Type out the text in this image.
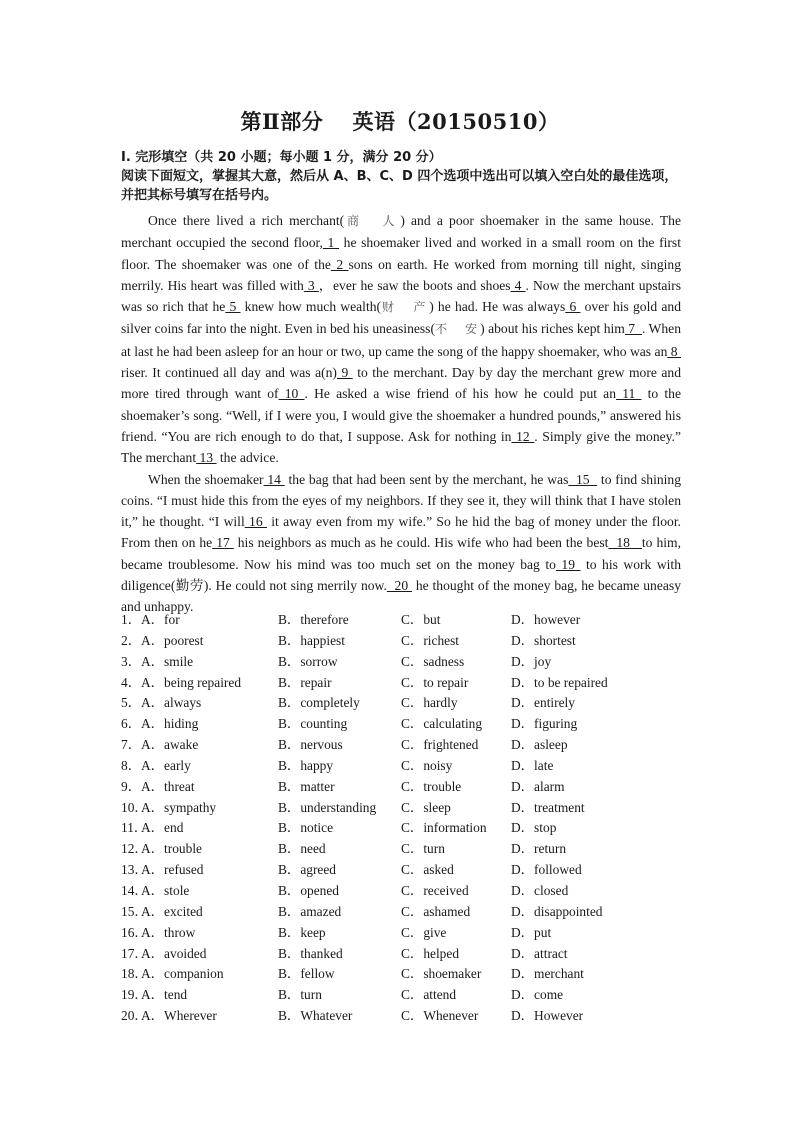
第Ⅱ部分　 英语（20150510）
Ⅰ. 完形填空（共 20 小题；每小题 1 分，满分 20 分）
阅读下面短文，掌握其大意，然后从 A、B、C、D 四个选项中选出可以填入空白处的最佳选项，并把其标号填写在括号内。

Once there lived a rich merchant(商　人) and a poor shoemaker in the same house. The merchant occupied the second floor, 1  he shoemaker lived and worked in a small room on the first floor. The shoemaker was one of the 2 sons on earth. He worked from morning till night, singing merrily. His heart was filled with 3 ，ever he saw the boots and shoes 4 . Now the merchant upstairs was so rich that he 5  knew how much wealth(财　产) he had. He was always 6  over his gold and silver coins far into the night. Even in bed his uneasiness(不　安) about his riches kept him 7  . When at last he had been asleep for an hour or two, up came the song of the happy shoemaker, who was an 8  riser. It continued all day and was a(n) 9  to the merchant. Day by day the merchant grew more and more tired through want of 10 . He asked a wise friend of his how he could put an 11  to the shoemaker’s song. “Well, if I were you, I would give the shoemaker a hundred pounds,” answered his friend. “You are rich enough to do that, I suppose. Ask for nothing in 12 . Simply give the money.” The merchant 13  the advice.

When the shoemaker 14  the bag that had been sent by the merchant, he was  15   to find shining coins. “I must hide this from the eyes of my neighbors. If they see it, they will think that I have stolen it,” he thought. “I will 16  it away even from my wife.” So he hid the bag of money under the floor. From then on he 17  his neighbors as much as he could. His wife who had been the best  18   to him, became troublesome. Now his mind was too much set on the money bag to 19  to his work with diligence(勤劳). He could not sing merrily now.  20  he thought of the money bag, he became uneasy and unhappy.

1． A．for	B．therefore	C．but	D．however
2． A．poorest	B．happiest	C．richest	D．shortest
3． A．smile	B．sorrow	C．sadness	D．joy
4． A．being repaired	B．repair	C．to repair	D．to be repaired
5． A．always	B．completely	C．hardly	D．entirely
6． A．hiding	B．counting	C．calculating D．figuring
7． A．awake	B．nervous	C．frightened D．asleep
8． A．early	B．happy	C．noisy	D．late
9． A．threat	B．matter	C．trouble	D．alarm
10．
A．sympathy	B．understanding C．sleep	D．treatment
11．
A．end	B．notice	C．information D．stop
12．
A．trouble	B．need	C．turn	D．return
13．
A．refused	B．agreed	C．asked	D．followed
14．
A．stole	B．opened	C．received	D．closed
15．
A．excited	B．amazed	C．ashamed	D．disappointed
16．
A．throw	B．keep	C．give	D．put
17．
A．avoided	B．thanked	C．helped	D．attract
18．
A．companion	B．fellow	C．shoemaker D．merchant
19．
A．tend	B．turn	C．attend	D．come
20．
A．Wherever	B．Whatever	C．Whenever D．However
